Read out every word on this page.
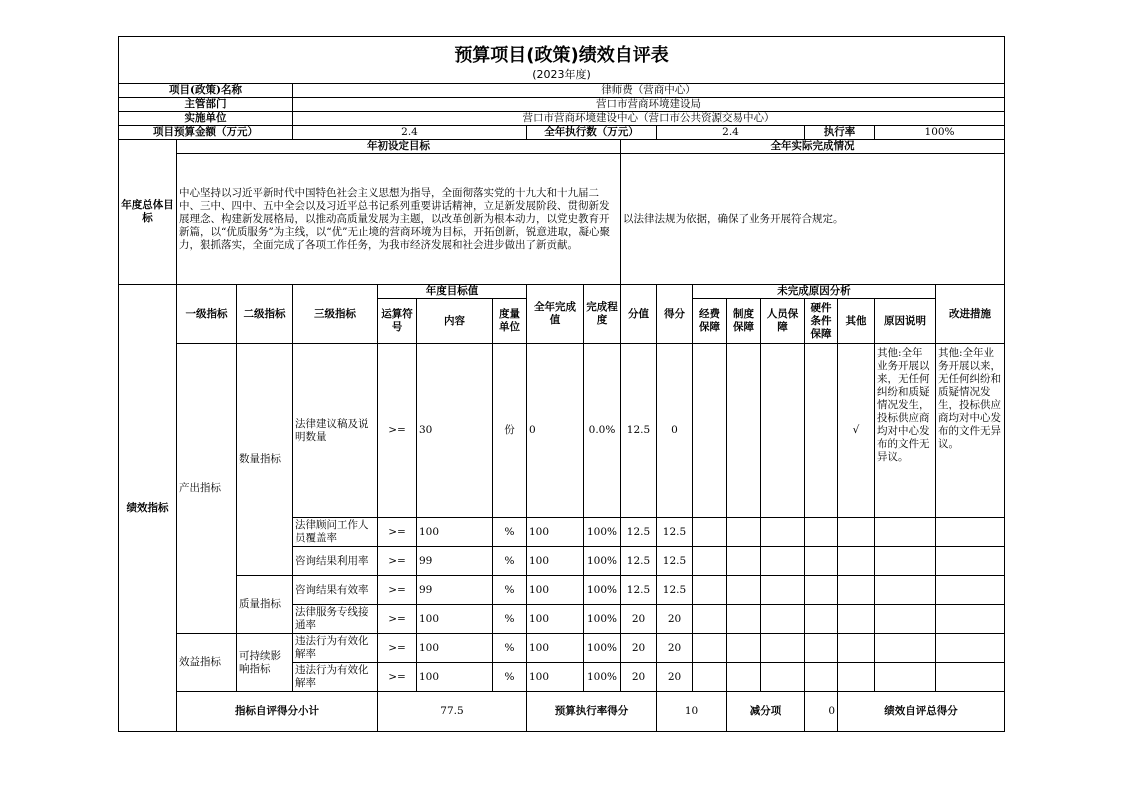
预算项目(政策)绩效自评表
(2023年度)																		

项目(政策)名称			律师费（营商中心）															
主管部门			营口市营商环境建设局															
实施单位			营口市营商环境建设中心（营口市公共资源交易中心）															
项目预算金额（万元）			2.4				全年执行数（万元）			2.4				执行率		100%		
年度总体目标	年初设定目标								全年实际完成情况									
	中心坚持以习近平新时代中国特色社会主义思想为指导，全面彻落实党的十九大和十九届二中、三中、四中、五中全会以及习近平总书记系列重要讲话精神，立足新发展阶段、贯彻新发展理念、构建新发展格局，以推动高质量发展为主题，以改革创新为根本动力，以党史教育开新篇，以“优质服务”为主线，以“优”无止境的营商环境为目标，开拓创新，锐意进取，凝心聚力，狠抓落实，全面完成了各项工作任务，为我市经济发展和社会进步做出了新贡献。								以法律法规为依据，确保了业务开展符合规定。									
绩效指标	一级指标	二级指标	三级指标	年度目标值			全年完成值	完成程度	分值	得分	未完成原因分析						改进措施	
				运算符号	内容	度量单位					经费保障	制度保障	人员保障	硬件条件保障	其他	原因说明		
	产出指标	数量指标	法律建议稿及说明数量	>=	30	份	0	0.0%	12.5	0					√	其他:全年业务开展以来，无任何纠纷和质疑情况发生，投标供应商均对中心发布的文件无异议。	其他:全年业务开展以来，无任何纠纷和质疑情况发生，投标供应商均对中心发布的文件无异议。	
			法律顾问工作人员覆盖率	>=	100	%	100	100%	12.5	12.5								
			咨询结果利用率	>=	99	%	100	100%	12.5	12.5								
		质量指标	咨询结果有效率	>=	99	%	100	100%	12.5	12.5								
			法律服务专线接通率	>=	100	%	100	100%	20	20								
	效益指标	可持续影响指标	违法行为有效化解率	>=	100	%	100	100%	20	20								
			违法行为有效化解率	>=	100	%	100	100%	20	20								
	指标自评得分小计			77.5			预算执行率得分			10		减分项		0	绩效自评总得分	
